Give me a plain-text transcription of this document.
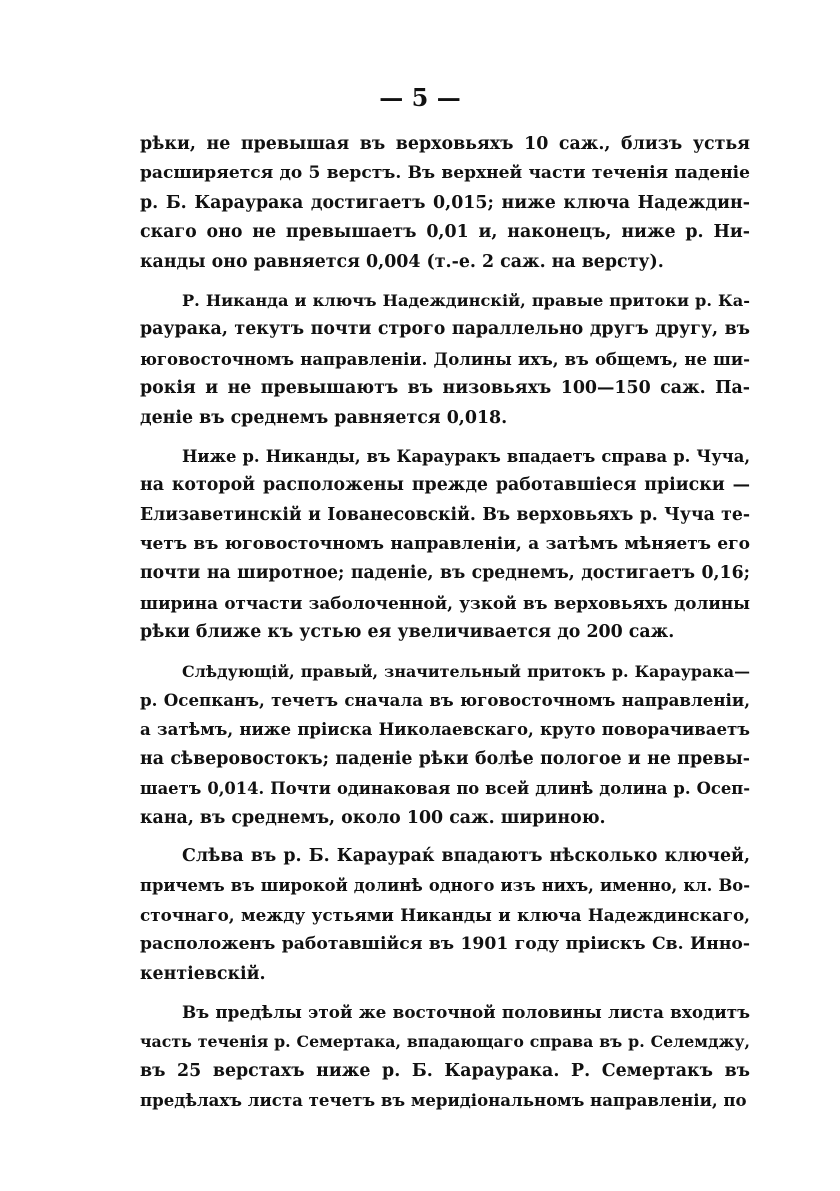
— 5 —
рѣки, не превышая въ верховьяхъ 10 саж., близъ устья
расширяется до 5 верстъ. Въ верхней части теченія паденіе
р. Б. Караурака достигаетъ 0,015; ниже ключа Надеждин-
скаго оно не превышаетъ 0,01 и, наконецъ, ниже р. Ни-
канды оно равняется 0,004 (т.-е. 2 саж. на версту).
Р. Никанда и ключъ Надеждинскій, правые притоки р. Ка-
раурака, текутъ почти строго параллельно другъ другу, въ
юговосточномъ направленіи. Долины ихъ, въ общемъ, не ши-
рокія и не превышаютъ въ низовьяхъ 100—150 саж. Па-
деніе въ среднемъ равняется 0,018.
Ниже р. Никанды, въ Карауракъ впадаетъ справа р. Чуча,
на которой расположены прежде работавшіеся пріиски —
Елизаветинскій и Іованесовскій. Въ верховьяхъ р. Чуча те-
четъ въ юговосточномъ направленіи, а затѣмъ мѣняетъ его
почти на широтное; паденіе, въ среднемъ, достигаетъ 0,16;
ширина отчасти заболоченной, узкой въ верховьяхъ долины
рѣки ближе къ устью ея увеличивается до 200 саж.
Слѣдующій, правый, значительный притокъ р. Караурака—
р. Осепканъ, течетъ сначала въ юговосточномъ направленіи,
а затѣмъ, ниже пріиска Николаевскаго, круто поворачиваетъ
на сѣверовостокъ; паденіе рѣки болѣе пологое и не превы-
шаетъ 0,014. Почти одинаковая по всей длинѣ долина р. Осеп-
кана, въ среднемъ, около 100 саж. шириною.
Слѣва въ р. Б. Караураќ впадаютъ нѣсколько ключей,
причемъ въ широкой долинѣ одного изъ нихъ, именно, кл. Во-
сточнаго, между устьями Никанды и ключа Надеждинскаго,
расположенъ работавшійся въ 1901 году пріискъ Св. Инно-
кентіевскій.
Въ предѣлы этой же восточной половины листа входитъ
часть теченія р. Семертака, впадающаго справа въ р. Селемджу,
въ 25 верстахъ ниже р. Б. Караурака. Р. Семертакъ въ
предѣлахъ листа течетъ въ меридіональномъ направленіи, по
